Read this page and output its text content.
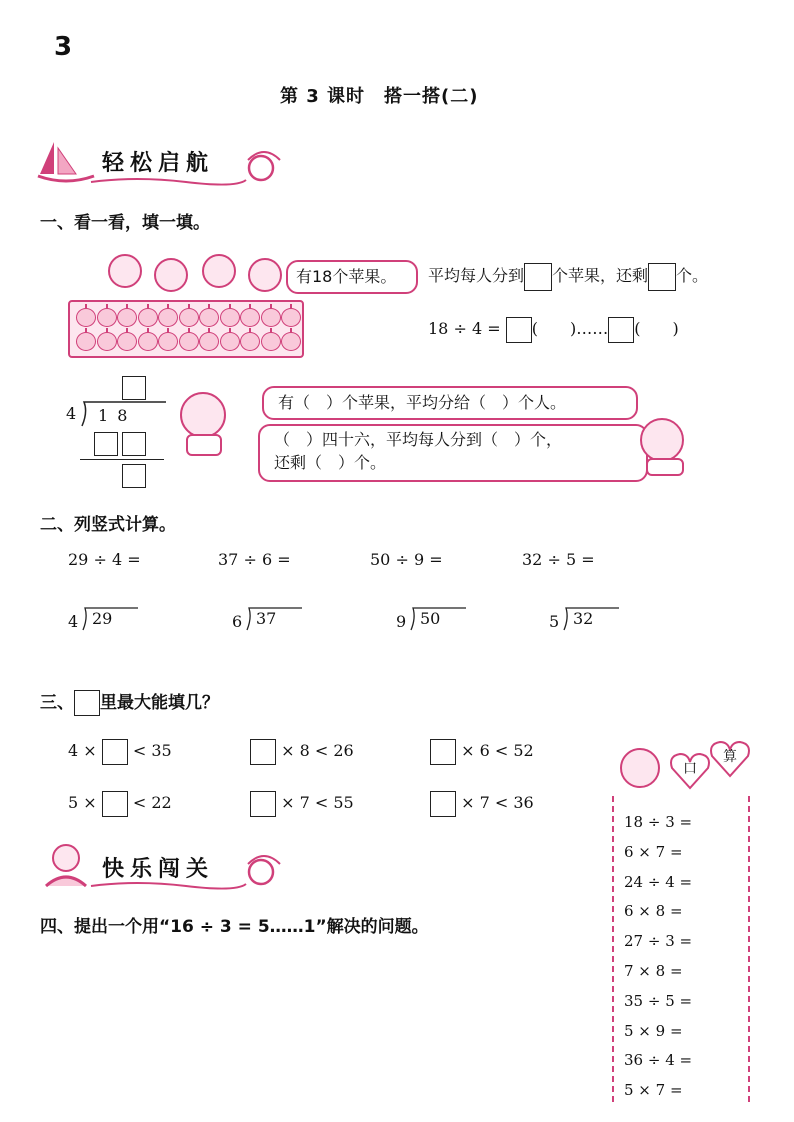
3
第 3 课时　搭一搭(二)
轻松启航
一、看一看，填一填。
有18个苹果。	平均每人分到 个苹果，还剩 个。
18 ÷ 4 = (　　)…… (　　)
4 1 8
有（　）个苹果，平均分给（　）个人。
（　）四十六，平均每人分到（　）个，
还剩（　）个。
二、列竖式计算。
29 ÷ 4 =	37 ÷ 6 =	50 ÷ 9 =	32 ÷ 5 =
4 29	6 37	9 50	5 32
三、 里最大能填几？
4 × < 35	× 8 < 26	× 6 < 52
5 × < 22	× 7 < 55	× 7 < 36
快乐闯关
四、提出一个用“16 ÷ 3 = 5……1”解决的问题。
口
算
18 ÷ 3 =
6 × 7 =
24 ÷ 4 =
6 × 8 =
27 ÷ 3 =
7 × 8 =
35 ÷ 5 =
5 × 9 =
36 ÷ 4 =
5 × 7 =
